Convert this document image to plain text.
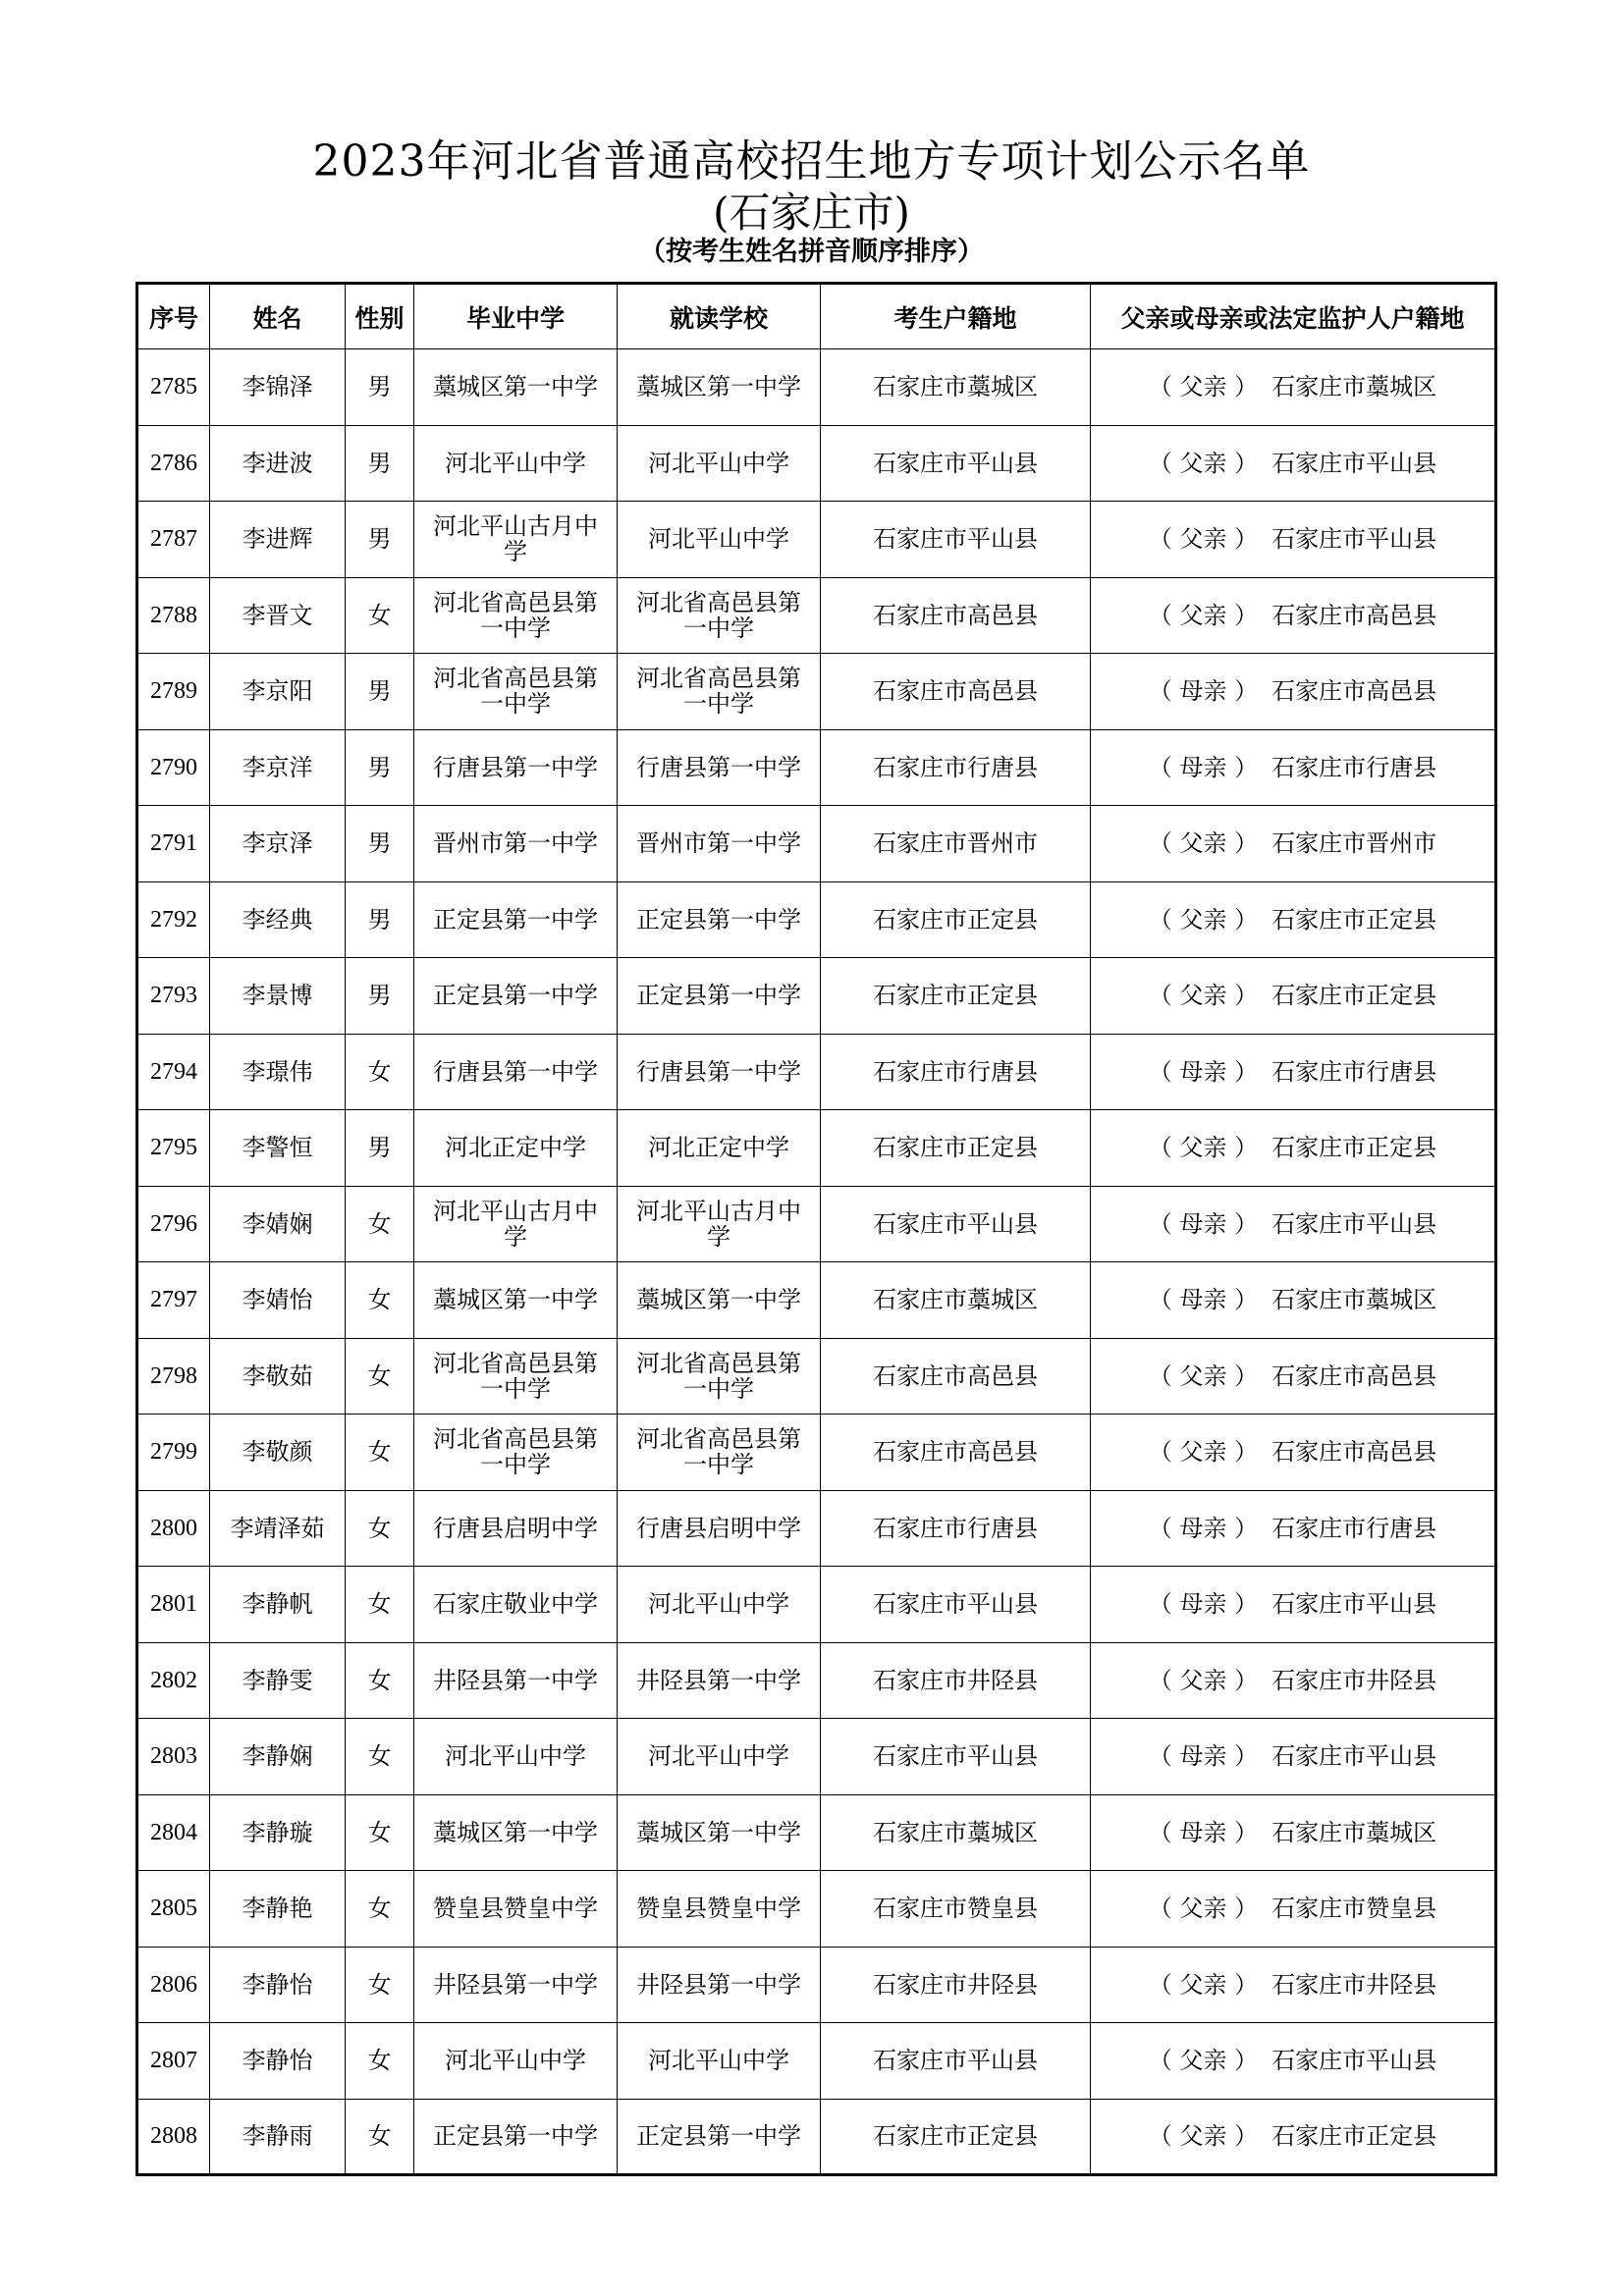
2023年河北省普通高校招生地方专项计划公示名单
(石家庄市)
（按考生姓名拼音顺序排序）
序号	姓名	性别	毕业中学	就读学校	考生户籍地	父亲或母亲或法定监护人户籍地
2785	李锦泽	男	藁城区第一中学	藁城区第一中学	石家庄市藁城区	（ 父亲 ） 石家庄市藁城区
2786	李进波	男	河北平山中学	河北平山中学	石家庄市平山县	（ 父亲 ） 石家庄市平山县
2787	李进辉	男	河北平山古月中学	河北平山中学	石家庄市平山县	（ 父亲 ） 石家庄市平山县
2788	李晋文	女	河北省高邑县第一中学	河北省高邑县第一中学	石家庄市高邑县	（ 父亲 ） 石家庄市高邑县
2789	李京阳	男	河北省高邑县第一中学	河北省高邑县第一中学	石家庄市高邑县	（ 母亲 ） 石家庄市高邑县
2790	李京洋	男	行唐县第一中学	行唐县第一中学	石家庄市行唐县	（ 母亲 ） 石家庄市行唐县
2791	李京泽	男	晋州市第一中学	晋州市第一中学	石家庄市晋州市	（ 父亲 ） 石家庄市晋州市
2792	李经典	男	正定县第一中学	正定县第一中学	石家庄市正定县	（ 父亲 ） 石家庄市正定县
2793	李景博	男	正定县第一中学	正定县第一中学	石家庄市正定县	（ 父亲 ） 石家庄市正定县
2794	李璟伟	女	行唐县第一中学	行唐县第一中学	石家庄市行唐县	（ 母亲 ） 石家庄市行唐县
2795	李警恒	男	河北正定中学	河北正定中学	石家庄市正定县	（ 父亲 ） 石家庄市正定县
2796	李婧娴	女	河北平山古月中学	河北平山古月中学	石家庄市平山县	（ 母亲 ） 石家庄市平山县
2797	李婧怡	女	藁城区第一中学	藁城区第一中学	石家庄市藁城区	（ 母亲 ） 石家庄市藁城区
2798	李敬茹	女	河北省高邑县第一中学	河北省高邑县第一中学	石家庄市高邑县	（ 父亲 ） 石家庄市高邑县
2799	李敬颜	女	河北省高邑县第一中学	河北省高邑县第一中学	石家庄市高邑县	（ 父亲 ） 石家庄市高邑县
2800	李靖泽茹	女	行唐县启明中学	行唐县启明中学	石家庄市行唐县	（ 母亲 ） 石家庄市行唐县
2801	李静帆	女	石家庄敬业中学	河北平山中学	石家庄市平山县	（ 母亲 ） 石家庄市平山县
2802	李静雯	女	井陉县第一中学	井陉县第一中学	石家庄市井陉县	（ 父亲 ） 石家庄市井陉县
2803	李静娴	女	河北平山中学	河北平山中学	石家庄市平山县	（ 母亲 ） 石家庄市平山县
2804	李静璇	女	藁城区第一中学	藁城区第一中学	石家庄市藁城区	（ 母亲 ） 石家庄市藁城区
2805	李静艳	女	赞皇县赞皇中学	赞皇县赞皇中学	石家庄市赞皇县	（ 父亲 ） 石家庄市赞皇县
2806	李静怡	女	井陉县第一中学	井陉县第一中学	石家庄市井陉县	（ 父亲 ） 石家庄市井陉县
2807	李静怡	女	河北平山中学	河北平山中学	石家庄市平山县	（ 父亲 ） 石家庄市平山县
2808	李静雨	女	正定县第一中学	正定县第一中学	石家庄市正定县	（ 父亲 ） 石家庄市正定县
